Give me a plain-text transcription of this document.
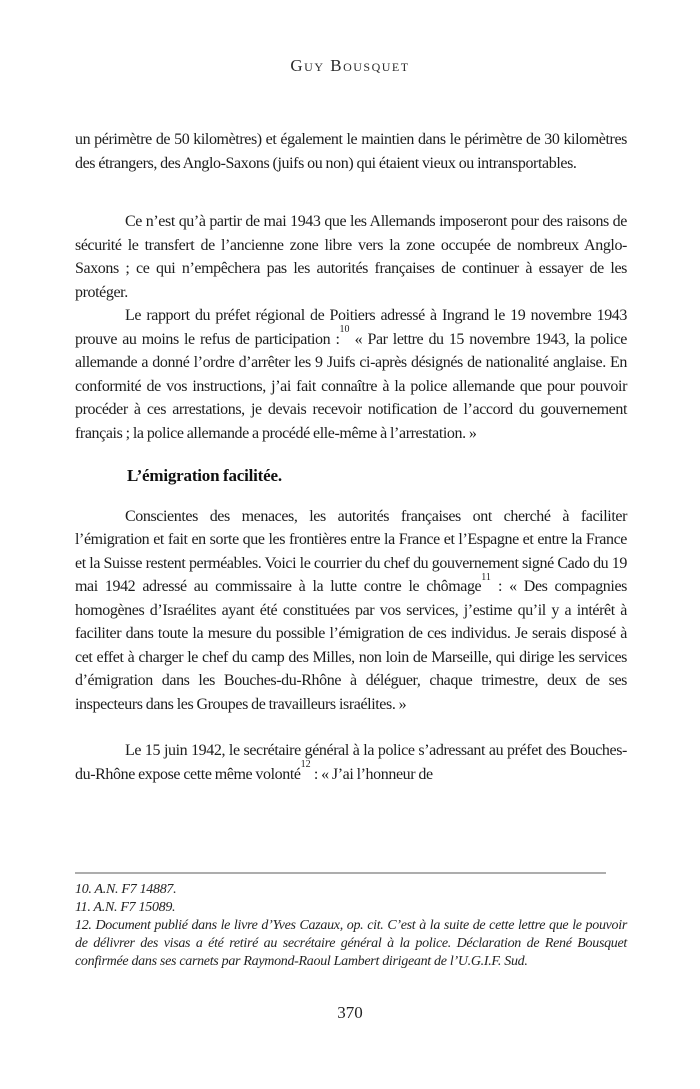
Guy Bousquet

un périmètre de 50 kilomètres) et également le maintien dans le périmètre de 30 kilomètres des étrangers, des Anglo-Saxons (juifs ou non) qui étaient vieux ou intransportables.

Ce n’est qu’à partir de mai 1943 que les Allemands imposeront pour des raisons de sécurité le transfert de l’ancienne zone libre vers la zone occupée de nombreux Anglo-Saxons ; ce qui n’empêchera pas les autorités françaises de continuer à essayer de les protéger.

Le rapport du préfet régional de Poitiers adressé à Ingrand le 19 novembre 1943 prouve au moins le refus de participation :$^{10}$ « Par lettre du 15 novembre 1943, la police allemande a donné l’ordre d’arrêter les 9 Juifs ci-après désignés de nationalité anglaise. En conformité de vos instructions, j’ai fait connaître à la police allemande que pour pouvoir procéder à ces arrestations, je devais recevoir notification de l’accord du gouvernement français ; la police allemande a procédé elle-même à l’arrestation. »

L’émigration facilitée.

Conscientes des menaces, les autorités françaises ont cherché à faciliter l’émigration et fait en sorte que les frontières entre la France et l’Espagne et entre la France et la Suisse restent perméables. Voici le courrier du chef du gouvernement signé Cado du 19 mai 1942 adressé au commissaire à la lutte contre le chômage$^{11}$ : « Des compagnies homogènes d’Israélites ayant été constituées par vos services, j’estime qu’il y a intérêt à faciliter dans toute la mesure du possible l’émigration de ces individus. Je serais disposé à cet effet à charger le chef du camp des Milles, non loin de Marseille, qui dirige les services d’émigration dans les Bouches-du-Rhône à déléguer, chaque trimestre, deux de ses inspecteurs dans les Groupes de travailleurs israélites. »

Le 15 juin 1942, le secrétaire général à la police s’adressant au préfet des Bouches-du-Rhône expose cette même volonté$^{12}$ : « J’ai l’honneur de

10. A.N. F7 14887.

11. A.N. F7 15089.

12. Document publié dans le livre d’Yves Cazaux, op. cit. C’est à la suite de cette lettre que le pouvoir de délivrer des visas a été retiré au secrétaire général à la police. Déclaration de René Bousquet confirmée dans ses carnets par Raymond-Raoul Lambert dirigeant de l’U.G.I.F. Sud.

370
